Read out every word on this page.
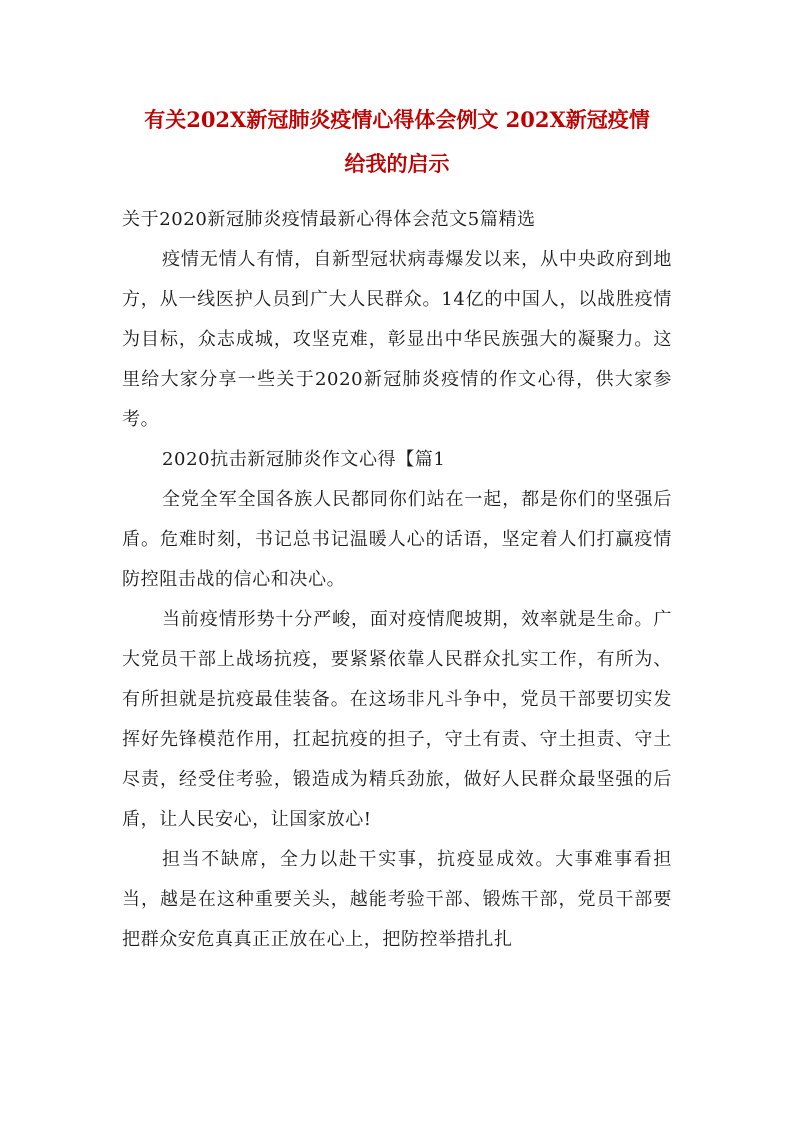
有关202X新冠肺炎疫情心得体会例文 202X新冠疫情
给我的启示

关于2020新冠肺炎疫情最新心得体会范文5篇精选

疫情无情人有情，自新型冠状病毒爆发以来，从中央政府到地方，从一线医护人员到广大人民群众。14亿的中国人，以战胜疫情为目标，众志成城，攻坚克难，彰显出中华民族强大的凝聚力。这里给大家分享一些关于2020新冠肺炎疫情的作文心得，供大家参考。

2020抗击新冠肺炎作文心得【篇1

全党全军全国各族人民都同你们站在一起，都是你们的坚强后盾。危难时刻，书记总书记温暖人心的话语，坚定着人们打赢疫情防控阻击战的信心和决心。

当前疫情形势十分严峻，面对疫情爬坡期，效率就是生命。广大党员干部上战场抗疫，要紧紧依靠人民群众扎实工作，有所为、有所担就是抗疫最佳装备。在这场非凡斗争中，党员干部要切实发挥好先锋模范作用，扛起抗疫的担子，守土有责、守土担责、守土尽责，经受住考验，锻造成为精兵劲旅，做好人民群众最坚强的后盾，让人民安心，让国家放心!

担当不缺席，全力以赴干实事，抗疫显成效。大事难事看担当，越是在这种重要关头，越能考验干部、锻炼干部，党员干部要把群众安危真真正正放在心上，把防控举措扎扎
